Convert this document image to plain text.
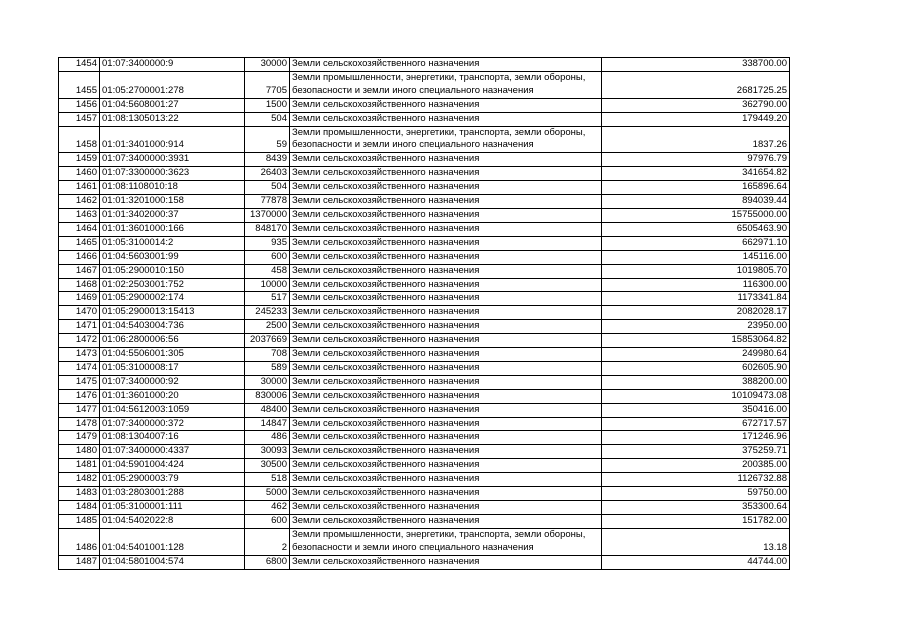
1454	01:07:3400000:9	30000	Земли сельскохозяйственного назначения	338700.00
1455	01:05:2700001:278	7705	Земли промышленности, энергетики, транспорта, земли обороны, безопасности и земли иного специального назначения	2681725.25
1456	01:04:5608001:27	1500	Земли сельскохозяйственного назначения	362790.00
1457	01:08:1305013:22	504	Земли сельскохозяйственного назначения	179449.20
1458	01:01:3401000:914	59	Земли промышленности, энергетики, транспорта, земли обороны, безопасности и земли иного специального назначения	1837.26
1459	01:07:3400000:3931	8439	Земли сельскохозяйственного назначения	97976.79
1460	01:07:3300000:3623	26403	Земли сельскохозяйственного назначения	341654.82
1461	01:08:1108010:18	504	Земли сельскохозяйственного назначения	165896.64
1462	01:01:3201000:158	77878	Земли сельскохозяйственного назначения	894039.44
1463	01:01:3402000:37	1370000	Земли сельскохозяйственного назначения	15755000.00
1464	01:01:3601000:166	848170	Земли сельскохозяйственного назначения	6505463.90
1465	01:05:3100014:2	935	Земли сельскохозяйственного назначения	662971.10
1466	01:04:5603001:99	600	Земли сельскохозяйственного назначения	145116.00
1467	01:05:2900010:150	458	Земли сельскохозяйственного назначения	1019805.70
1468	01:02:2503001:752	10000	Земли сельскохозяйственного назначения	116300.00
1469	01:05:2900002:174	517	Земли сельскохозяйственного назначения	1173341.84
1470	01:05:2900013:15413	245233	Земли сельскохозяйственного назначения	2082028.17
1471	01:04:5403004:736	2500	Земли сельскохозяйственного назначения	23950.00
1472	01:06:2800006:56	2037669	Земли сельскохозяйственного назначения	15853064.82
1473	01:04:5506001:305	708	Земли сельскохозяйственного назначения	249980.64
1474	01:05:3100008:17	589	Земли сельскохозяйственного назначения	602605.90
1475	01:07:3400000:92	30000	Земли сельскохозяйственного назначения	388200.00
1476	01:01:3601000:20	830006	Земли сельскохозяйственного назначения	10109473.08
1477	01:04:5612003:1059	48400	Земли сельскохозяйственного назначения	350416.00
1478	01:07:3400000:372	14847	Земли сельскохозяйственного назначения	672717.57
1479	01:08:1304007:16	486	Земли сельскохозяйственного назначения	171246.96
1480	01:07:3400000:4337	30093	Земли сельскохозяйственного назначения	375259.71
1481	01:04:5901004:424	30500	Земли сельскохозяйственного назначения	200385.00
1482	01:05:2900003:79	518	Земли сельскохозяйственного назначения	1126732.88
1483	01:03:2803001:288	5000	Земли сельскохозяйственного назначения	59750.00
1484	01:05:3100001:111	462	Земли сельскохозяйственного назначения	353300.64
1485	01:04:5402022:8	600	Земли сельскохозяйственного назначения	151782.00
1486	01:04:5401001:128	2	Земли промышленности, энергетики, транспорта, земли обороны, безопасности и земли иного специального назначения	13.18
1487	01:04:5801004:574	6800	Земли сельскохозяйственного назначения	44744.00
